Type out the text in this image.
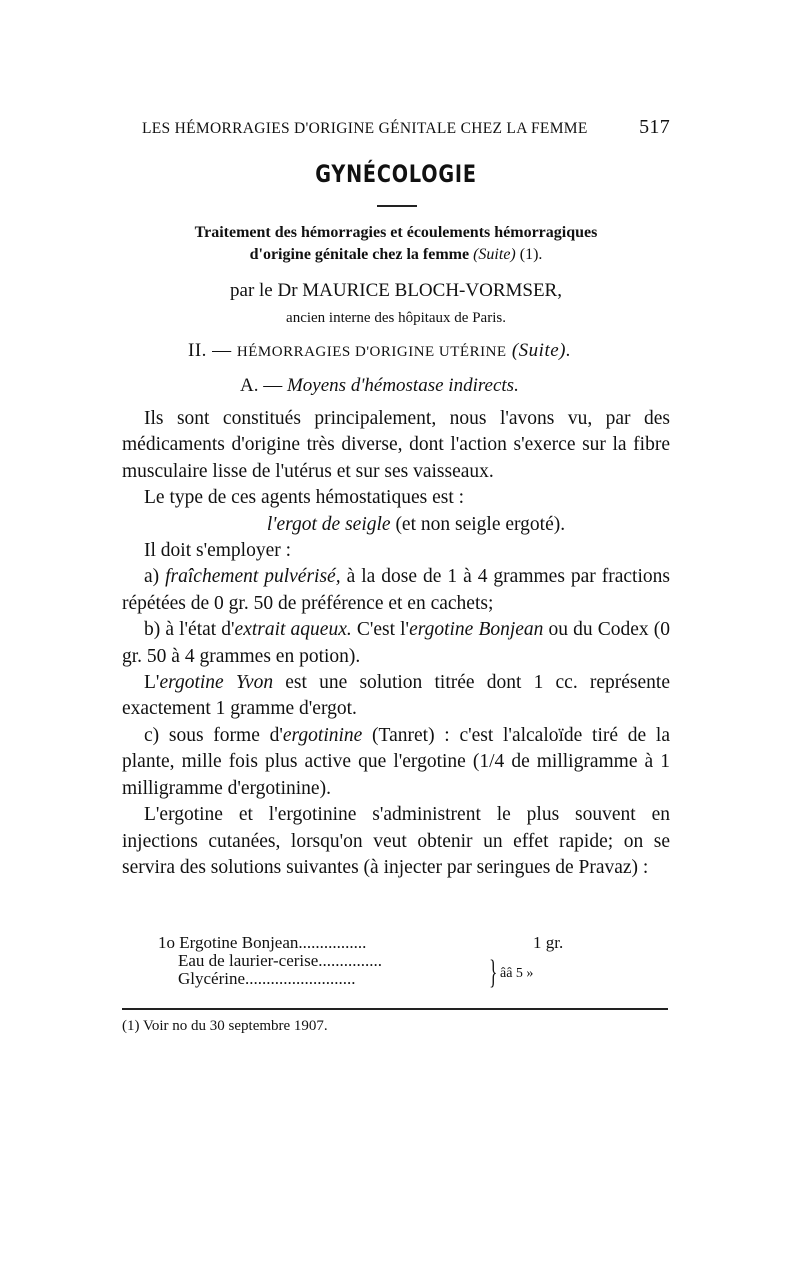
LES HÉMORRAGIES D'ORIGINE GÉNITALE CHEZ LA FEMME	517
GYNÉCOLOGIE
Traitement des hémorragies et écoulements hémorragiques
d'origine génitale chez la femme (Suite) (1).
par le Dr MAURICE BLOCH-VORMSER,
ancien interne des hôpitaux de Paris.
II. — HÉMORRAGIES D'ORIGINE UTÉRINE (Suite).
A. — Moyens d'hémostase indirects.

Ils sont constitués principalement, nous l'avons vu, par des médicaments d'origine très diverse, dont l'action s'exerce sur la fibre musculaire lisse de l'utérus et sur ses vaisseaux.

Le type de ces agents hémostatiques est :

l'ergot de seigle (et non seigle ergoté).

Il doit s'employer :

a) fraîchement pulvérisé, à la dose de 1 à 4 grammes par fractions répétées de 0 gr. 50 de préférence et en cachets;

b) à l'état d'extrait aqueux. C'est l'ergotine Bonjean ou du Codex (0 gr. 50 à 4 grammes en potion).

L'ergotine Yvon est une solution titrée dont 1 cc. représente exactement 1 gramme d'ergot.

c) sous forme d'ergotinine (Tanret) : c'est l'alcaloïde tiré de la plante, mille fois plus active que l'ergotine (1/4 de milligramme à 1 milligramme d'ergotinine).

L'ergotine et l'ergotinine s'administrent le plus souvent en injections cutanées, lorsqu'on veut obtenir un effet rapide; on se servira des solutions suivantes (à injecter par seringues de Pravaz) :

1o Ergotine Bonjean................	1 gr.
Eau de laurier-cerise...............
Glycérine..........................	} ââ 5 »
(1) Voir no du 30 septembre 1907.
